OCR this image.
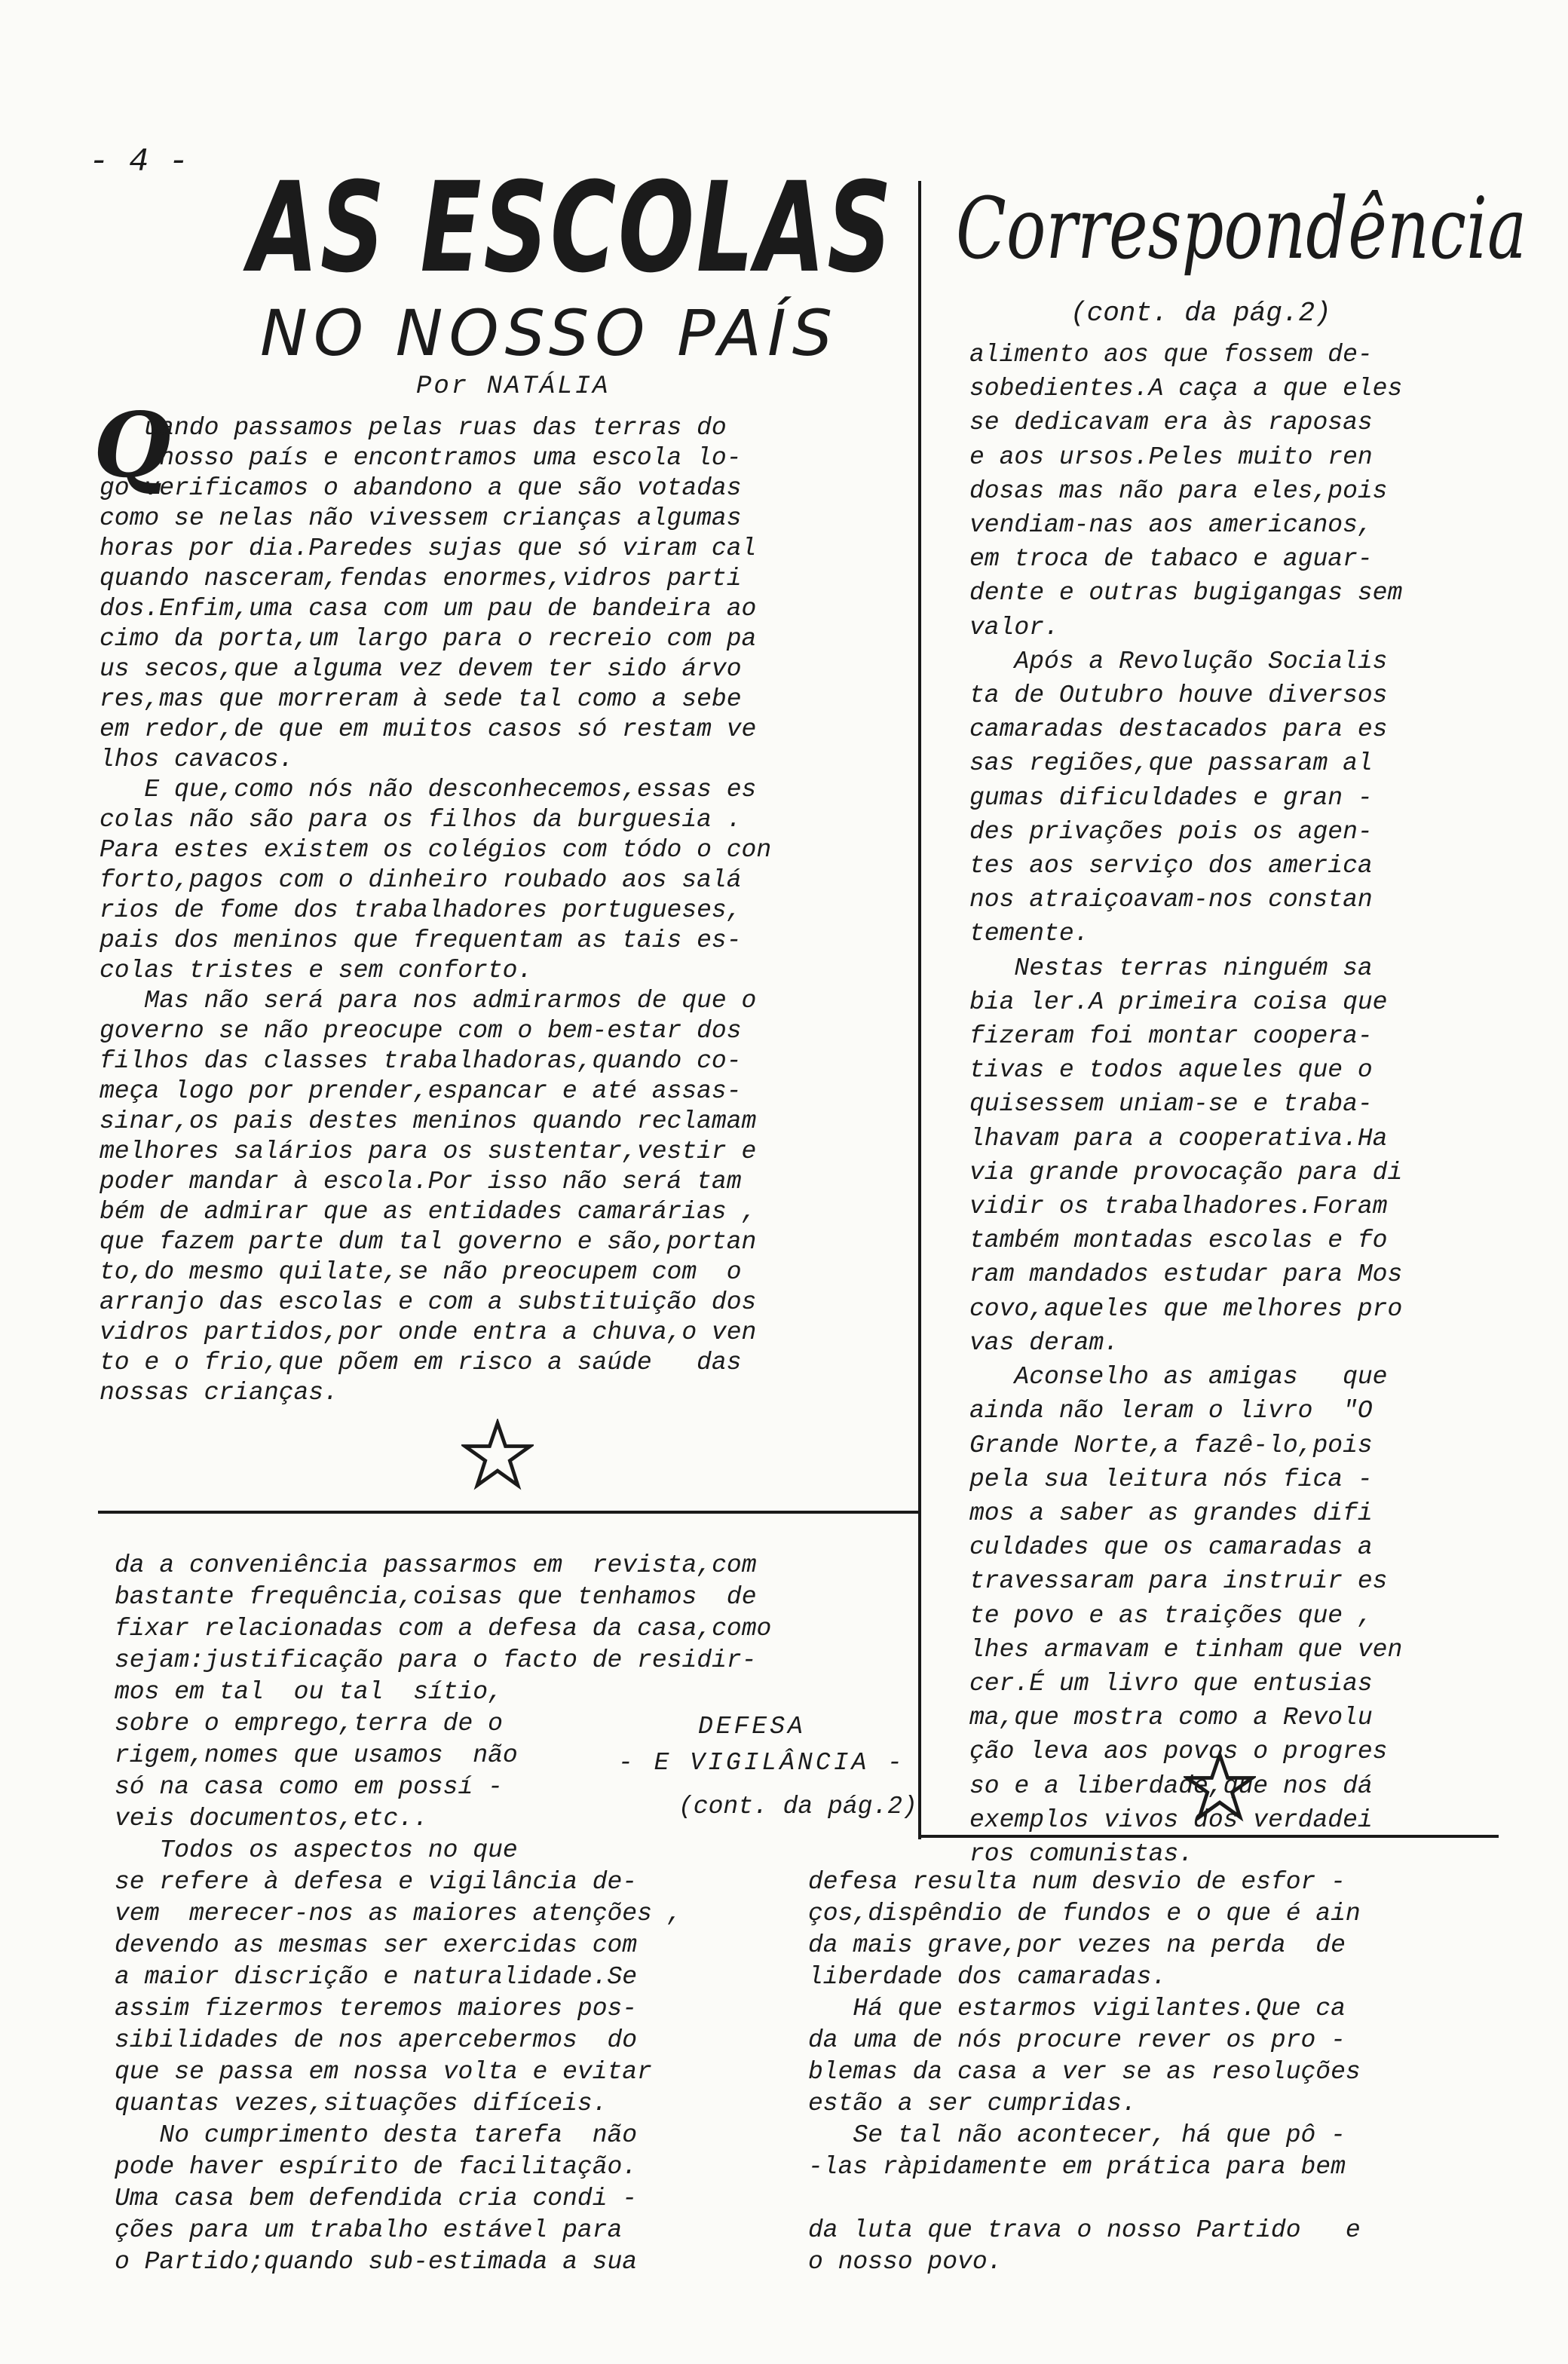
- 4 - AS ESCOLAS
NO NOSSO PAÍS
Por NATÁLIA
Q

uando passamos pelas ruas das terras do

nosso país e encontramos uma escola lo-

go verificamos o abandono a que são votadas

como se nelas não vivessem crianças algumas

horas por dia.Paredes sujas que só viram cal

quando nasceram,fendas enormes,vidros parti

dos.Enfim,uma casa com um pau de bandeira ao

cimo da porta,um largo para o recreio com pa

us secos,que alguma vez devem ter sido árvo

res,mas que morreram à sede tal como a sebe

em redor,de que em muitos casos só restam ve

lhos cavacos.

E que,como nós não desconhecemos,essas es

colas não são para os filhos da burguesia .

Para estes existem os colégios com tódo o con

forto,pagos com o dinheiro roubado aos salá

rios de fome dos trabalhadores portugueses,

pais dos meninos que frequentam as tais es-

colas tristes e sem conforto.

Mas não será para nos admirarmos de que o

governo se não preocupe com o bem-estar dos

filhos das classes trabalhadoras,quando co-

meça logo por prender,espancar e até assas-

sinar,os pais destes meninos quando reclamam

melhores salários para os sustentar,vestir e

poder mandar à escola.Por isso não será tam

bém de admirar que as entidades camarárias ,

que fazem parte dum tal governo e são,portan

to,do mesmo quilate,se não preocupem com  o

arranjo das escolas e com a substituição dos

vidros partidos,por onde entra a chuva,o ven

to e o frio,que põem em risco a saúde   das

nossas crianças.

Correspondência
(cont. da pág.2)

alimento aos que fossem de-

sobedientes.A caça a que eles

se dedicavam era às raposas

e aos ursos.Peles muito ren

dosas mas não para eles,pois

vendiam-nas aos americanos,

em troca de tabaco e aguar-

dente e outras bugigangas sem

valor.

Após a Revolução Socialis

ta de Outubro houve diversos

camaradas destacados para es

sas regiões,que passaram al

gumas dificuldades e gran -

des privações pois os agen-

tes aos serviço dos america

nos atraiçoavam-nos constan

temente.

Nestas terras ninguém sa

bia ler.A primeira coisa que

fizeram foi montar coopera-

tivas e todos aqueles que o

quisessem uniam-se e traba-

lhavam para a cooperativa.Ha

via grande provocação para di

vidir os trabalhadores.Foram

também montadas escolas e fo

ram mandados estudar para Mos

covo,aqueles que melhores pro

vas deram.

Aconselho as amigas   que

ainda não leram o livro  "O

Grande Norte,a fazê-lo,pois

pela sua leitura nós fica -

mos a saber as grandes difi

culdades que os camaradas a

travessaram para instruir es

te povo e as traições que ,

lhes armavam e tinham que ven

cer.É um livro que entusias

ma,que mostra como a Revolu

ção leva aos povos o progres

so e a liberdade,que nos dá

exemplos vivos dos verdadei

ros comunistas.

da a conveniência passarmos em  revista,com

bastante frequência,coisas que tenhamos  de

fixar relacionadas com a defesa da casa,como

sejam:justificação para o facto de residir-

mos em tal  ou tal  sítio,

sobre o emprego,terra de o

rigem,nomes que usamos  não

só na casa como em possí -

veis documentos,etc..

Todos os aspectos no que

DEFESA
- E VIGILÂNCIA -
(cont. da pág.2)

se refere à defesa e vigilância de-

vem  merecer-nos as maiores atenções ,

devendo as mesmas ser exercidas com

a maior discrição e naturalidade.Se

assim fizermos teremos maiores pos-

sibilidades de nos apercebermos  do

que se passa em nossa volta e evitar

quantas vezes,situações difíceis.

No cumprimento desta tarefa  não

pode haver espírito de facilitação.

Uma casa bem defendida cria condi -

ções para um trabalho estável para

o Partido;quando sub-estimada a sua

defesa resulta num desvio de esfor -

ços,dispêndio de fundos e o que é ain

da mais grave,por vezes na perda  de

liberdade dos camaradas.

Há que estarmos vigilantes.Que ca

da uma de nós procure rever os pro -

blemas da casa a ver se as resoluções

estão a ser cumpridas.

Se tal não acontecer, há que pô -

-las ràpidamente em prática para bem

da luta que trava o nosso Partido   e

o nosso povo.
